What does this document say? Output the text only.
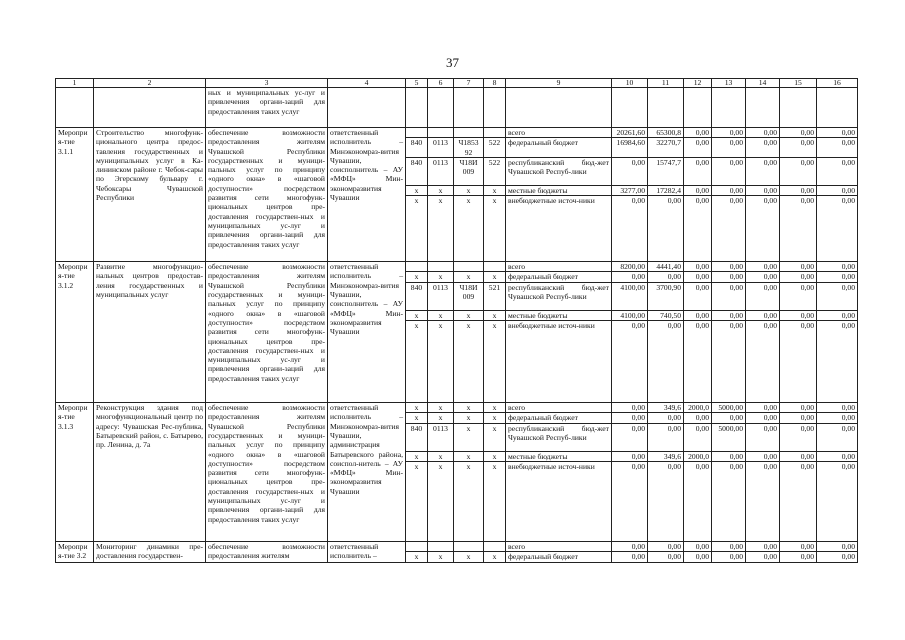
37
1	2	3	4	5	6	7	8	9	10	11	12	13	14	15	16
		ных и муниципальных ус-луг и привлечения органи-заций для предоставления таких услуг													
Мероприя-тие 3.1.1	Строительство многофунк-ционального центра предос-тавления государственных и муниципальных услуг в Ка-лининском районе г. Чебок-сары по Эгерскому бульвару г. Чебоксары Чувашской Республики	обеспечение возможности предоставления жителям Чувашской Республики государственных и муници-пальных услуг по принципу «одного окна» в «шаговой доступности» посредством развития сети многофунк-циональных центров пре-доставления государствен-ных и муниципальных ус-луг и привлечения органи-заций для предоставления таких услуг	ответственный исполнитель – Минэкономраз-вития Чувашии, соисполнитель – АУ «МФЦ» Мин-экономразвития Чувашии					всего	20261,60	65300,8	0,00	0,00	0,00	0,00	0,00
				840	0113	Ч1853 92	522	федеральный бюджет	16984,60	32270,7	0,00	0,00	0,00	0,00	0,00
				840	0113	Ч18И 009	522	республиканский бюд-жет Чувашской Респуб-лики	0,00	15747,7	0,00	0,00	0,00	0,00	0,00
				x	x	x	x	местные бюджеты	3277,00	17282,4	0,00	0,00	0,00	0,00	0,00
				x	x	x	x	внебюджетные источ-ники	0,00	0,00	0,00	0,00	0,00	0,00	0,00
Мероприя-тие 3.1.2	Развитие многофункцио-нальных центров предостав-ления государственных и муниципальных услуг	обеспечение возможности предоставления жителям Чувашской Республики государственных и муници-пальных услуг по принципу «одного окна» в «шаговой доступности» посредством развития сети многофунк-циональных центров пре-доставления государствен-ных и муниципальных ус-луг и привлечения органи-заций для предоставления таких услуг	ответственный исполнитель – Минэкономраз-вития Чувашии, соисполнитель – АУ «МФЦ» Мин-экономразвития Чувашии					всего	8200,00	4441,40	0,00	0,00	0,00	0,00	0,00
				x	x	x	x	федеральный бюджет	0,00	0,00	0,00	0,00	0,00	0,00	0,00
				840	0113	Ч18И 009	521	республиканский бюд-жет Чувашской Респуб-лики	4100,00	3700,90	0,00	0,00	0,00	0,00	0,00
				x	x	x	x	местные бюджеты	4100,00	740,50	0,00	0,00	0,00	0,00	0,00
				x	x	x	x	внебюджетные источ-ники	0,00	0,00	0,00	0,00	0,00	0,00	0,00
Мероприя-тие 3.1.3	Реконструкция здания под многофункциональный центр по адресу: Чувашская Рес-публика, Батыревский район, с. Батырево, пр. Ленина, д. 7а	обеспечение возможности предоставления жителям Чувашской Республики государственных и муници-пальных услуг по принципу «одного окна» в «шаговой доступности» посредством развития сети многофунк-циональных центров пре-доставления государствен-ных и муниципальных ус-луг и привлечения органи-заций для предоставления таких услуг	ответственный исполнитель – Минэкономраз-вития Чувашии, администрация Батыревского района, соиспол-нитель – АУ «МФЦ» Мин-экономразвития Чувашии	x	x	x	x	всего	0,00	349,6	2000,0	5000,00	0,00	0,00	0,00
				x	x	x	x	федеральный бюджет	0,00	0,00	0,00	0,00	0,00	0,00	0,00
				840	0113	x	x	республиканский бюд-жет Чувашской Респуб-лики	0,00	0,00	0,00	5000,00	0,00	0,00	0,00
				x	x	x	x	местные бюджеты	0,00	349,6	2000,0	0,00	0,00	0,00	0,00
				x	x	x	x	внебюджетные источ-ники	0,00	0,00	0,00	0,00	0,00	0,00	0,00
Мероприя-тие 3.2	Мониторинг динамики пре-доставления государствен-	обеспечение возможности предоставления жителям	ответственный исполнитель –					всего	0,00	0,00	0,00	0,00	0,00	0,00	0,00
				x	x	x	x	федеральный бюджет	0,00	0,00	0,00	0,00	0,00	0,00	0,00
